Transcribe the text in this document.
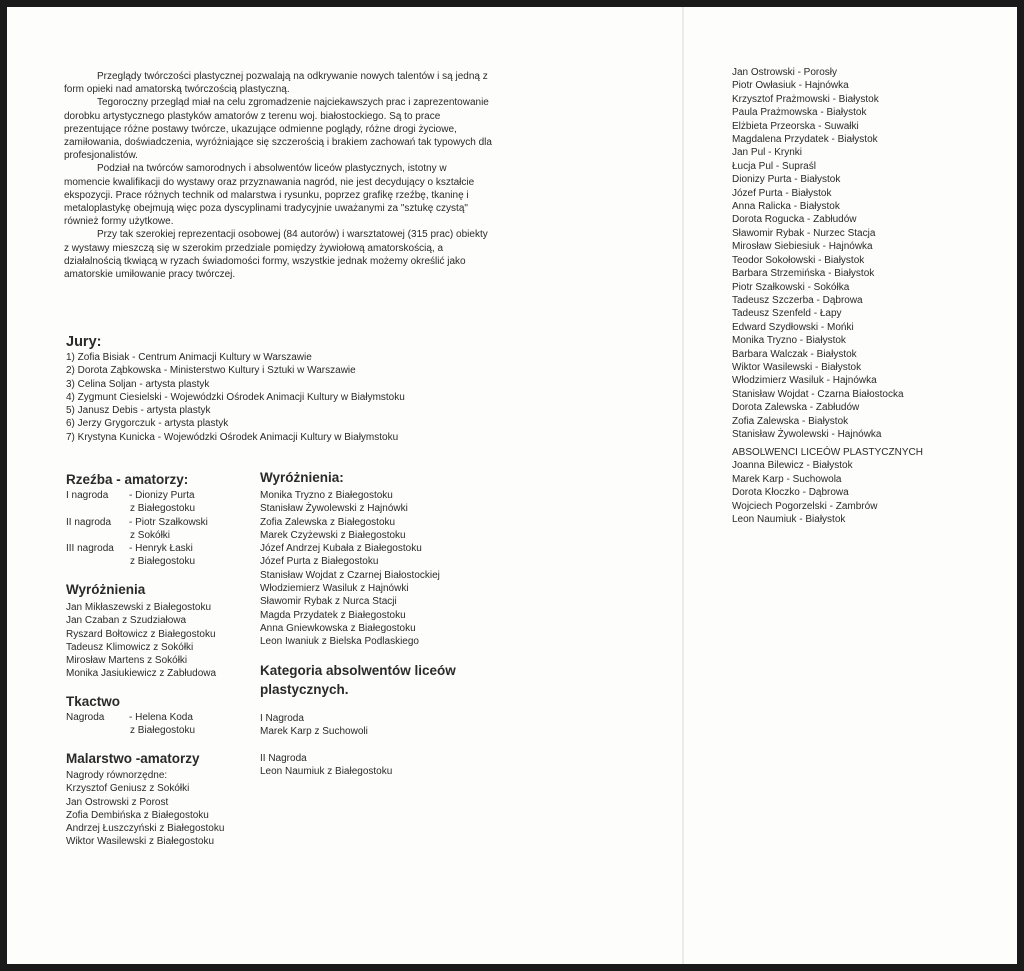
Przeglądy twórczości plastycznej pozwalają na odkrywanie nowych talentów i są jedną z form opieki nad amatorską twórczością plastyczną.

Tegoroczny przegląd miał na celu zgromadzenie najciekawszych prac i zaprezentowanie dorobku artystycznego plastyków amatorów z terenu woj. białostockiego. Są to prace prezentujące różne postawy twórcze, ukazujące odmienne poglądy, różne drogi życiowe, zamiłowania, doświadczenia, wyróżniające się szczerością i brakiem zachowań tak typowych dla profesjonalistów.

Podział na twórców samorodnych i absolwentów liceów plastycznych, istotny w momencie kwalifikacji do wystawy oraz przyznawania nagród, nie jest decydujący o kształcie ekspozycji. Prace różnych technik od malarstwa i rysunku, poprzez grafikę rzeźbę, tkaninę i metaloplastykę obejmują więc poza dyscyplinami tradycyjnie uważanymi za "sztukę czystą" również formy użytkowe.

Przy tak szerokiej reprezentacji osobowej (84 autorów) i warsztatowej (315 prac) obiekty z wystawy mieszczą się w szerokim przedziale pomiędzy żywiołową amatorskością, a działalnością tkwiącą w ryzach świadomości formy, wszystkie jednak możemy określić jako amatorskie umiłowanie pracy twórczej.

Jury:
1) Zofia Bisiak - Centrum Animacji Kultury w Warszawie
2) Dorota Ząbkowska - Ministerstwo Kultury i Sztuki w Warszawie
3) Celina Soljan - artysta plastyk
4) Zygmunt Ciesielski - Wojewódzki Ośrodek Animacji Kultury w Białymstoku
5) Janusz Debis - artysta plastyk
6) Jerzy Grygorczuk - artysta plastyk
7) Krystyna Kunicka - Wojewódzki Ośrodek Animacji Kultury w Białymstoku
Rzeźba - amatorzy:
I nagroda	- Dionizy Purta
z Białegostoku
II nagroda	- Piotr Szałkowski
z Sokółki
III nagroda	- Henryk Łaski
z Białegostoku
Wyróżnienia
Jan Mikłaszewski z Białegostoku
Jan Czaban z Szudziałowa
Ryszard Bołtowicz z Białegostoku
Tadeusz Klimowicz z Sokółki
Mirosław Martens z Sokółki
Monika Jasiukiewicz z Zabłudowa
Tkactwo
Nagroda	- Helena Koda
z Białegostoku
Malarstwo -amatorzy
Nagrody równorzędne:
Krzysztof Geniusz z Sokółki
Jan Ostrowski z Porost
Zofia Dembińska z Białegostoku
Andrzej Łuszczyński z Białegostoku
Wiktor Wasilewski z Białegostoku
Wyróżnienia:
Monika Tryzno z Białegostoku
Stanisław Żywolewski z Hajnówki
Zofia Zalewska z Białegostoku
Marek Czyżewski z Białegostoku
Józef Andrzej Kubała z Białegostoku
Józef Purta z Białegostoku
Stanisław Wojdat z Czarnej Białostockiej
Włodziemierz Wasiluk z Hajnówki
Sławomir Rybak z Nurca Stacji
Magda Przydatek z Białegostoku
Anna Gniewkowska z Białegostoku
Leon Iwaniuk z Bielska Podlaskiego
Kategoria absolwentów liceów plastycznych.
I Nagroda
Marek Karp z Suchowoli
II Nagroda
Leon Naumiuk z Białegostoku
Jan Ostrowski - Porosły
Piotr Owłasiuk - Hajnówka
Krzysztof Prażmowski - Białystok
Paula Prażmowska - Białystok
Elżbieta Przeorska - Suwałki
Magdalena Przydatek - Białystok
Jan Pul - Krynki
Łucja Pul - Supraśl
Dionizy Purta - Białystok
Józef Purta - Białystok
Anna Ralicka - Białystok
Dorota Rogucka - Zabłudów
Sławomir Rybak - Nurzec Stacja
Mirosław Siebiesiuk - Hajnówka
Teodor Sokołowski - Białystok
Barbara Strzemińska - Białystok
Piotr Szałkowski - Sokółka
Tadeusz Szczerba - Dąbrowa
Tadeusz Szenfeld - Łapy
Edward Szydłowski - Mońki
Monika Tryzno - Białystok
Barbara Walczak - Białystok
Wiktor Wasilewski - Białystok
Włodzimierz Wasiluk - Hajnówka
Stanisław Wojdat - Czarna Białostocka
Dorota Zalewska - Zabłudów
Zofia Zalewska - Białystok
Stanisław Żywolewski - Hajnówka
ABSOLWENCI LICEÓW PLASTYCZNYCH
Joanna Bilewicz - Białystok
Marek Karp - Suchowola
Dorota Kłoczko - Dąbrowa
Wojciech Pogorzelski - Zambrów
Leon Naumiuk - Białystok
